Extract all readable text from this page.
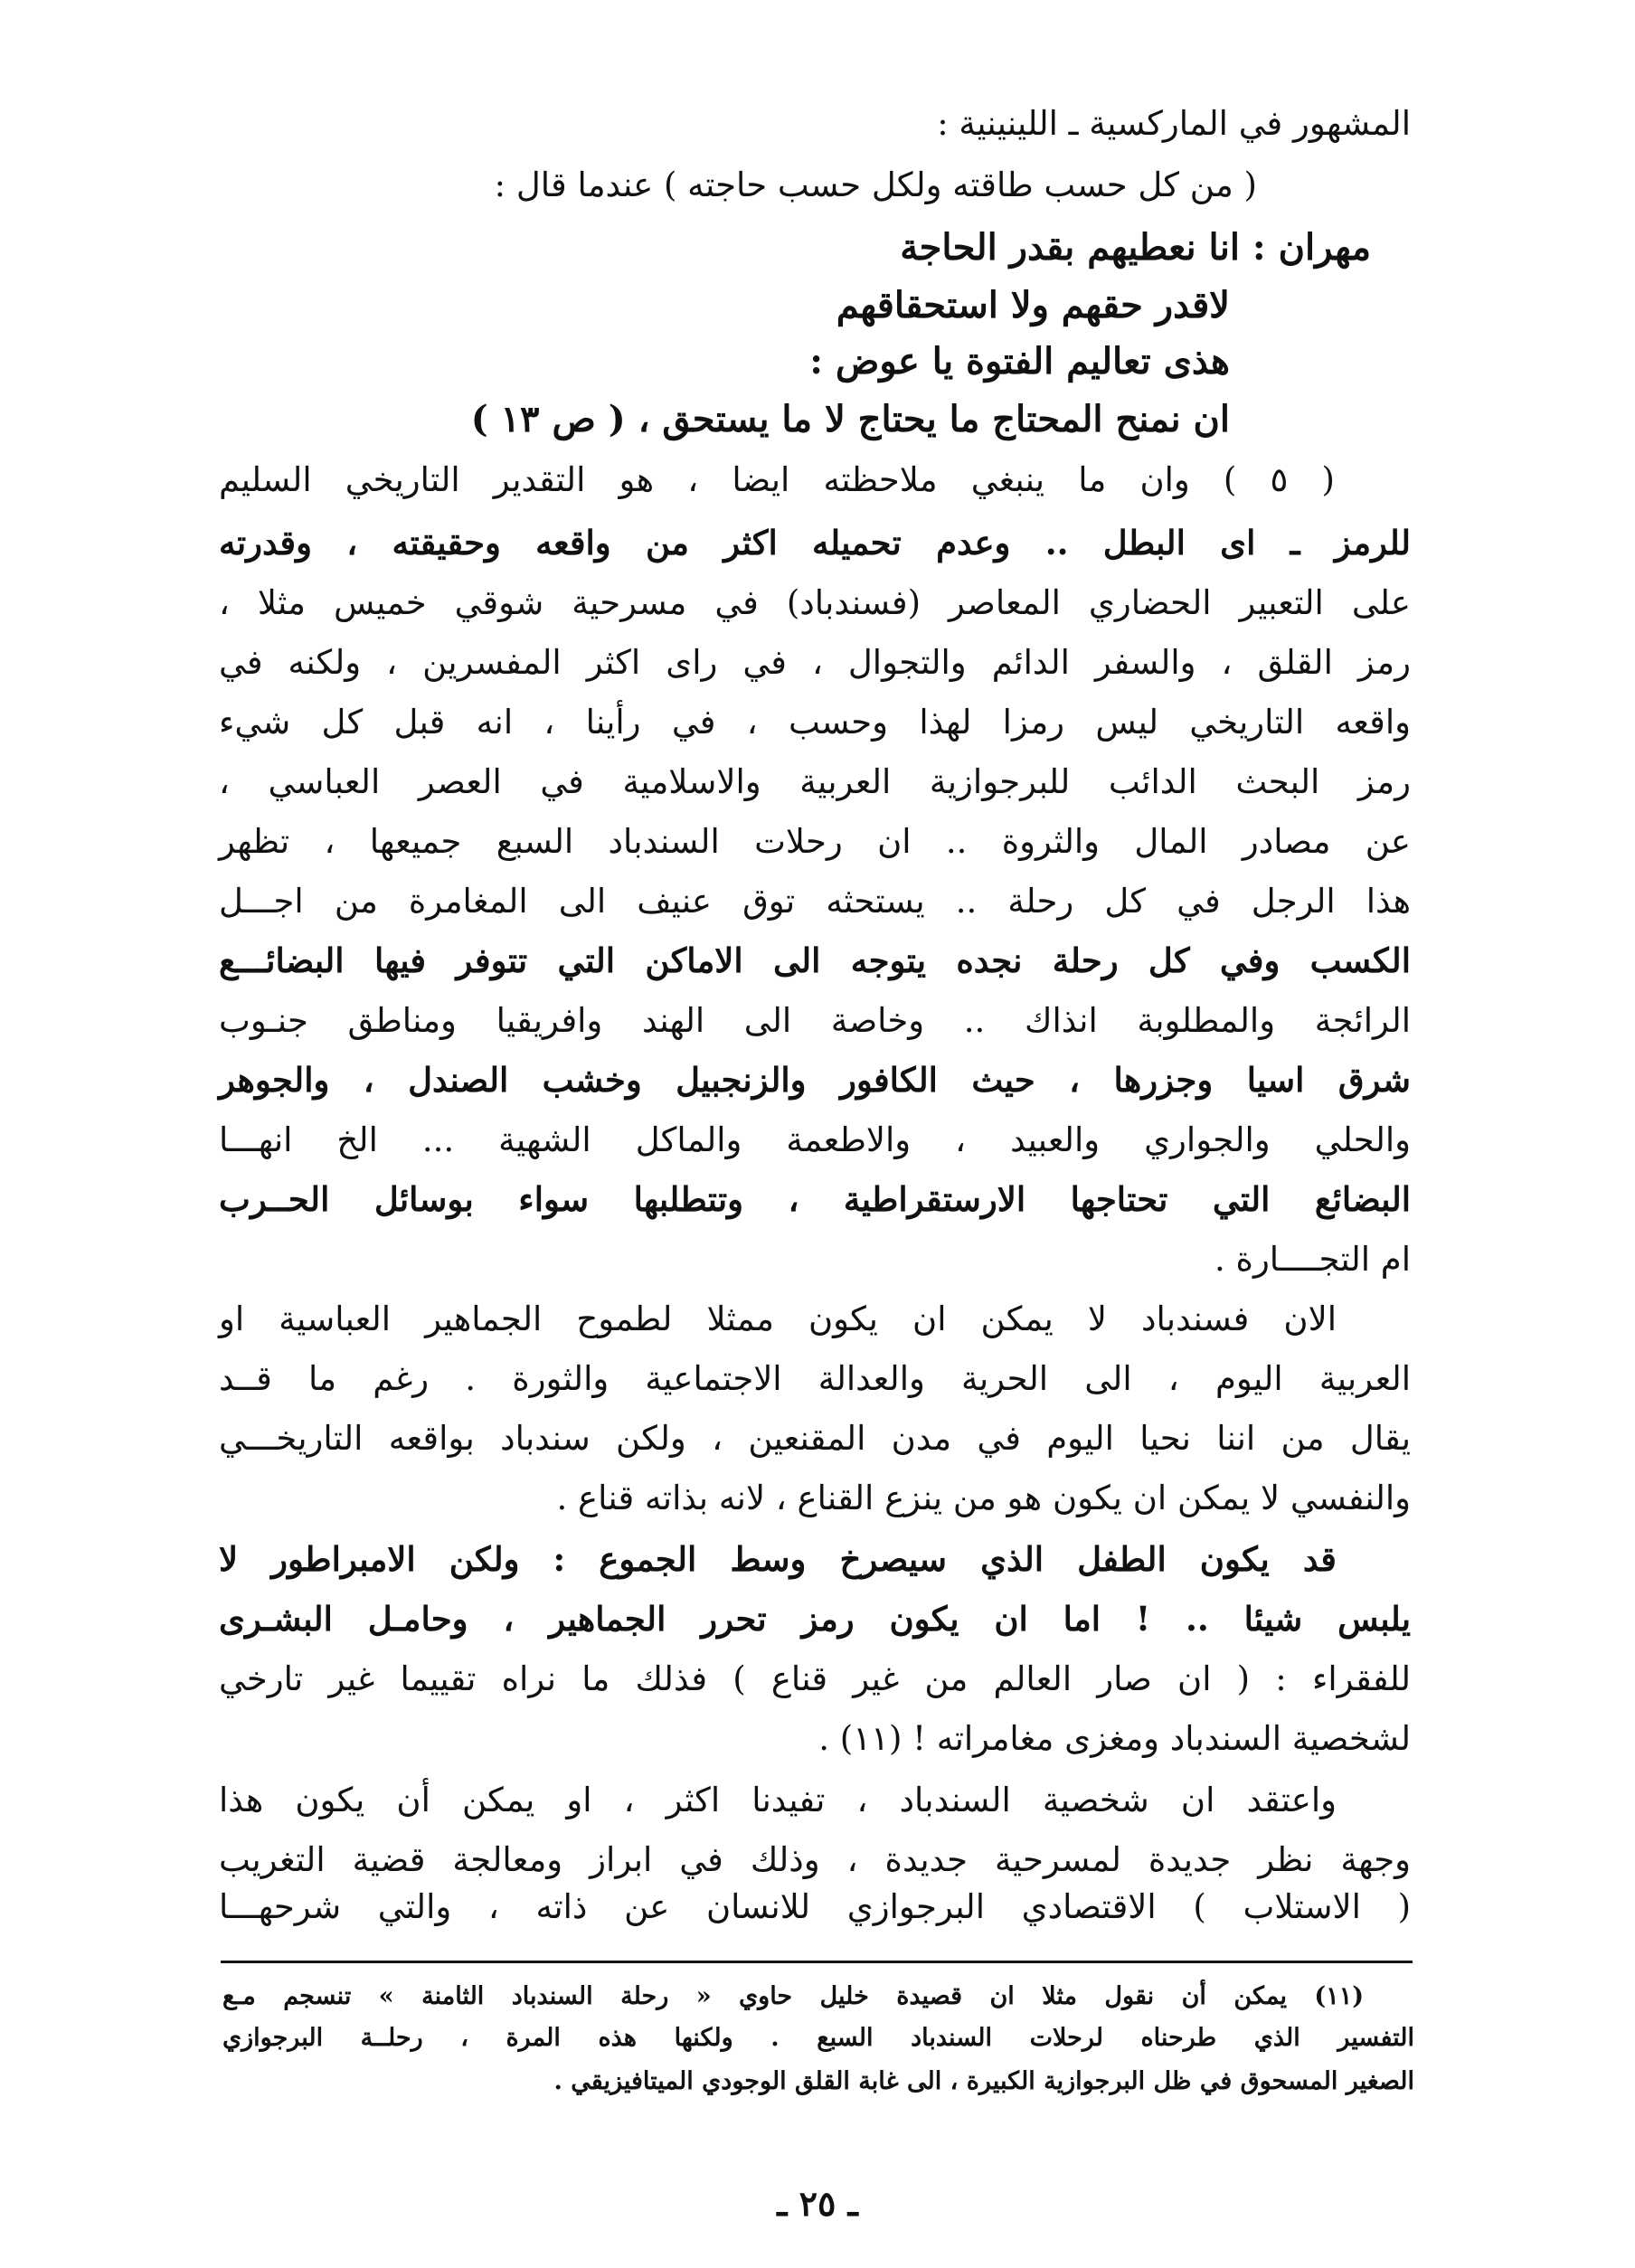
المشهور في الماركسية ـ اللينينية :
( من كل حسب طاقته ولكل حسب حاجته ) عندما قال :
مهران : انا نعطيهم بقدر الحاجة
لاقدر حقهم ولا استحقاقهم
هذى تعاليم الفتوة يا عوض :
ان نمنح المحتاج ما يحتاج لا ما يستحق ، ( ص ١٣ )
( ٥ ) وان ما ينبغي ملاحظته ايضا ، هو التقدير التاريخي السليم
للرمز ـ اى البطل .. وعدم تحميله اكثر من واقعه وحقيقته ، وقدرته
على التعبير الحضاري المعاصر (فسندباد) في مسرحية شوقي خميس مثلا ،
رمز القلق ، والسفر الدائم والتجوال ، في راى اكثر المفسرين ، ولكنه في
واقعه التاريخي ليس رمزا لهذا وحسب ، في رأينا ، انه قبل كل شيء
رمز البحث الدائب للبرجوازية العربية والاسلامية في العصر العباسي ،
عن مصادر المال والثروة .. ان رحلات السندباد السبع جميعها ، تظهر
هذا الرجل في كل رحلة .. يستحثه توق عنيف الى المغامرة من اجـــل
الكسب وفي كل رحلة نجده يتوجه الى الاماكن التي تتوفر فيها البضائـــع
الرائجة والمطلوبة انذاك .. وخاصة الى الهند وافريقيا ومناطق جنـوب
شرق اسيا وجزرها ، حيث الكافور والزنجبيل وخشب الصندل ، والجوهر
والحلي والجواري والعبيد ، والاطعمة والماكل الشهية ... الخ انهـــا
البضائع التي تحتاجها الارستقراطية ، وتتطلبها سواء بوسائل الحــرب
ام التجــــارة .
الان فسندباد لا يمكن ان يكون ممثلا لطموح الجماهير العباسية او
العربية اليوم ، الى الحرية والعدالة الاجتماعية والثورة . رغم ما قــد
يقال من اننا نحيا اليوم في مدن المقنعين ، ولكن سندباد بواقعه التاريخـــي
والنفسي لا يمكن ان يكون هو من ينزع القناع ، لانه بذاته قناع .
قد يكون الطفل الذي سيصرخ وسط الجموع : ولكن الامبراطور لا
يلبس شيئا .. ! اما ان يكون رمز تحرر الجماهير ، وحامـل البشـرى
للفقراء : ( ان صار العالم من غير قناع ) فذلك ما نراه تقييما غير تارخي
لشخصية السندباد ومغزى مغامراته ! (١١) .
واعتقد ان شخصية السندباد ، تفيدنا اكثر ، او يمكن أن يكون هذا
وجهة نظر جديدة لمسرحية جديدة ، وذلك في ابراز ومعالجة قضية التغريب
( الاستلاب ) الاقتصادي البرجوازي للانسان عن ذاته ، والتي شرحهـــا
(١١) يمكن أن نقول مثلا ان قصيدة خليل حاوي « رحلة السندباد الثامنة » تنسجم مـع
التفسير الذي طرحناه لرحلات السندباد السبع . ولكنها هذه المرة ، رحلــة البرجوازي
الصغير المسحوق في ظل البرجوازية الكبيرة ، الى غابة القلق الوجودي الميتافيزيقي .
ـ ٢٥ ـ
